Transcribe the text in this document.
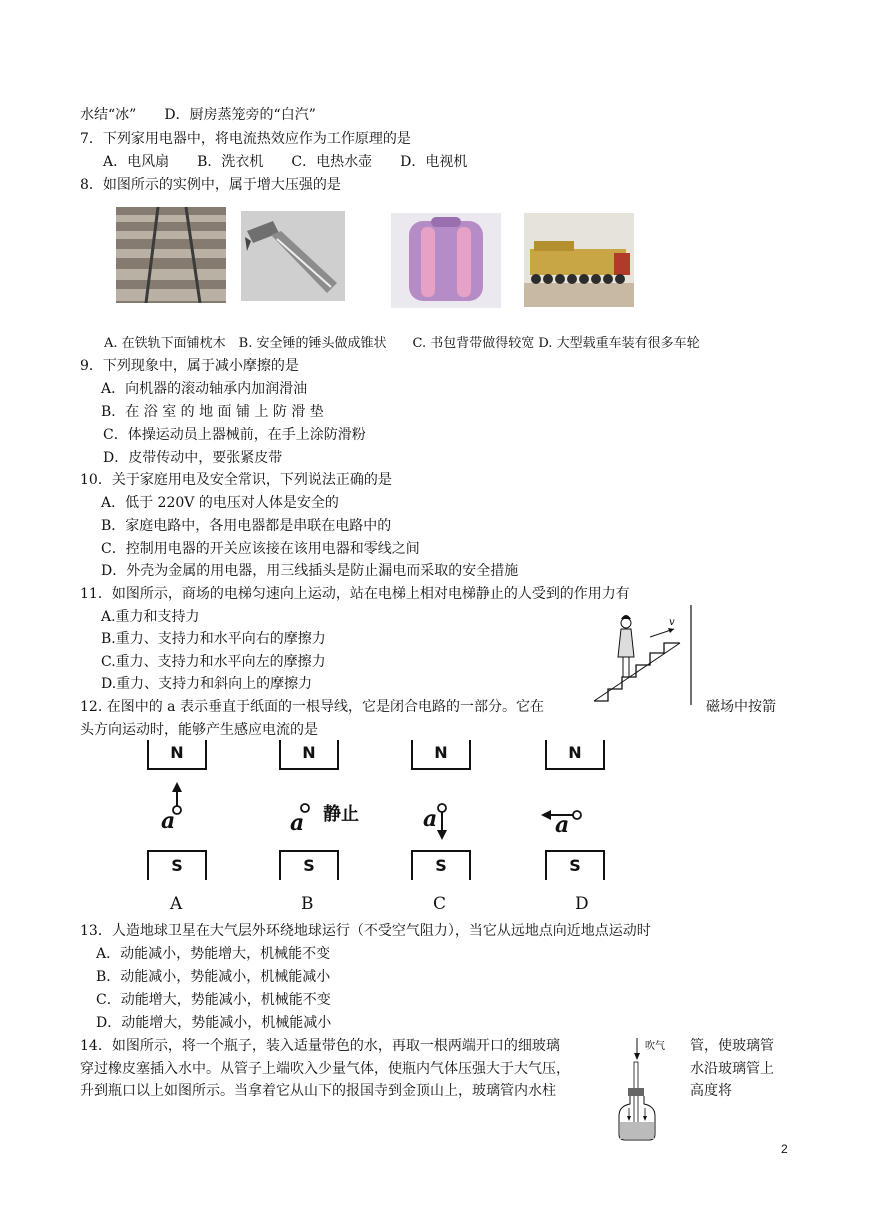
水结“冰”　　D．厨房蒸笼旁的“白汽”
7．下列家用电器中，将电流热效应作为工作原理的是
A．电风扇　　B．洗衣机　　C．电热水壶　　D．电视机
8．如图所示的实例中，属于增大压强的是
A. 在铁轨下面铺枕木　B. 安全锤的锤头做成锥状　　C. 书包背带做得较宽 D. 大型载重车装有很多车轮
9．下列现象中，属于减小摩擦的是
A．向机器的滚动轴承内加润滑油
B．在 浴 室 的 地 面 铺 上 防 滑 垫
C．体操运动员上器械前，在手上涂防滑粉
D．皮带传动中，要张紧皮带
10．关于家庭用电及安全常识，下列说法正确的是
A．低于 220V 的电压对人体是安全的
B．家庭电路中，各用电器都是串联在电路中的
C．控制用电器的开关应该接在该用电器和零线之间
D．外壳为金属的用电器，用三线插头是防止漏电而采取的安全措施
11．如图所示，商场的电梯匀速向上运动，站在电梯上相对电梯静止的人受到的作用力有
A.重力和支持力
B.重力、支持力和水平向右的摩擦力
C.重力、支持力和水平向左的摩擦力
D.重力、支持力和斜向上的摩擦力
v
12. 在图中的 a 表示垂直于纸面的一根导线，它是闭合电路的一部分。它在	磁场中按箭
头方向运动时，能够产生感应电流的是
N
a
S
A
N
a 静止
S
B
N
a
S
C
N
a
S
D
13．人造地球卫星在大气层外环绕地球运行（不受空气阻力），当它从远地点向近地点运动时
A．动能减小，势能增大，机械能不变
B．动能减小，势能减小，机械能减小
C．动能增大，势能减小，机械能不变
D．动能增大，势能减小，机械能减小
14．如图所示，将一个瓶子，装入适量带色的水，再取一根两端开口的细玻璃	管，使玻璃管
穿过橡皮塞插入水中。从管子上端吹入少量气体，使瓶内气体压强大于大气压，	水沿玻璃管上
升到瓶口以上如图所示。当拿着它从山下的报国寺到金顶山上，玻璃管内水柱	高度将
吹气
2
